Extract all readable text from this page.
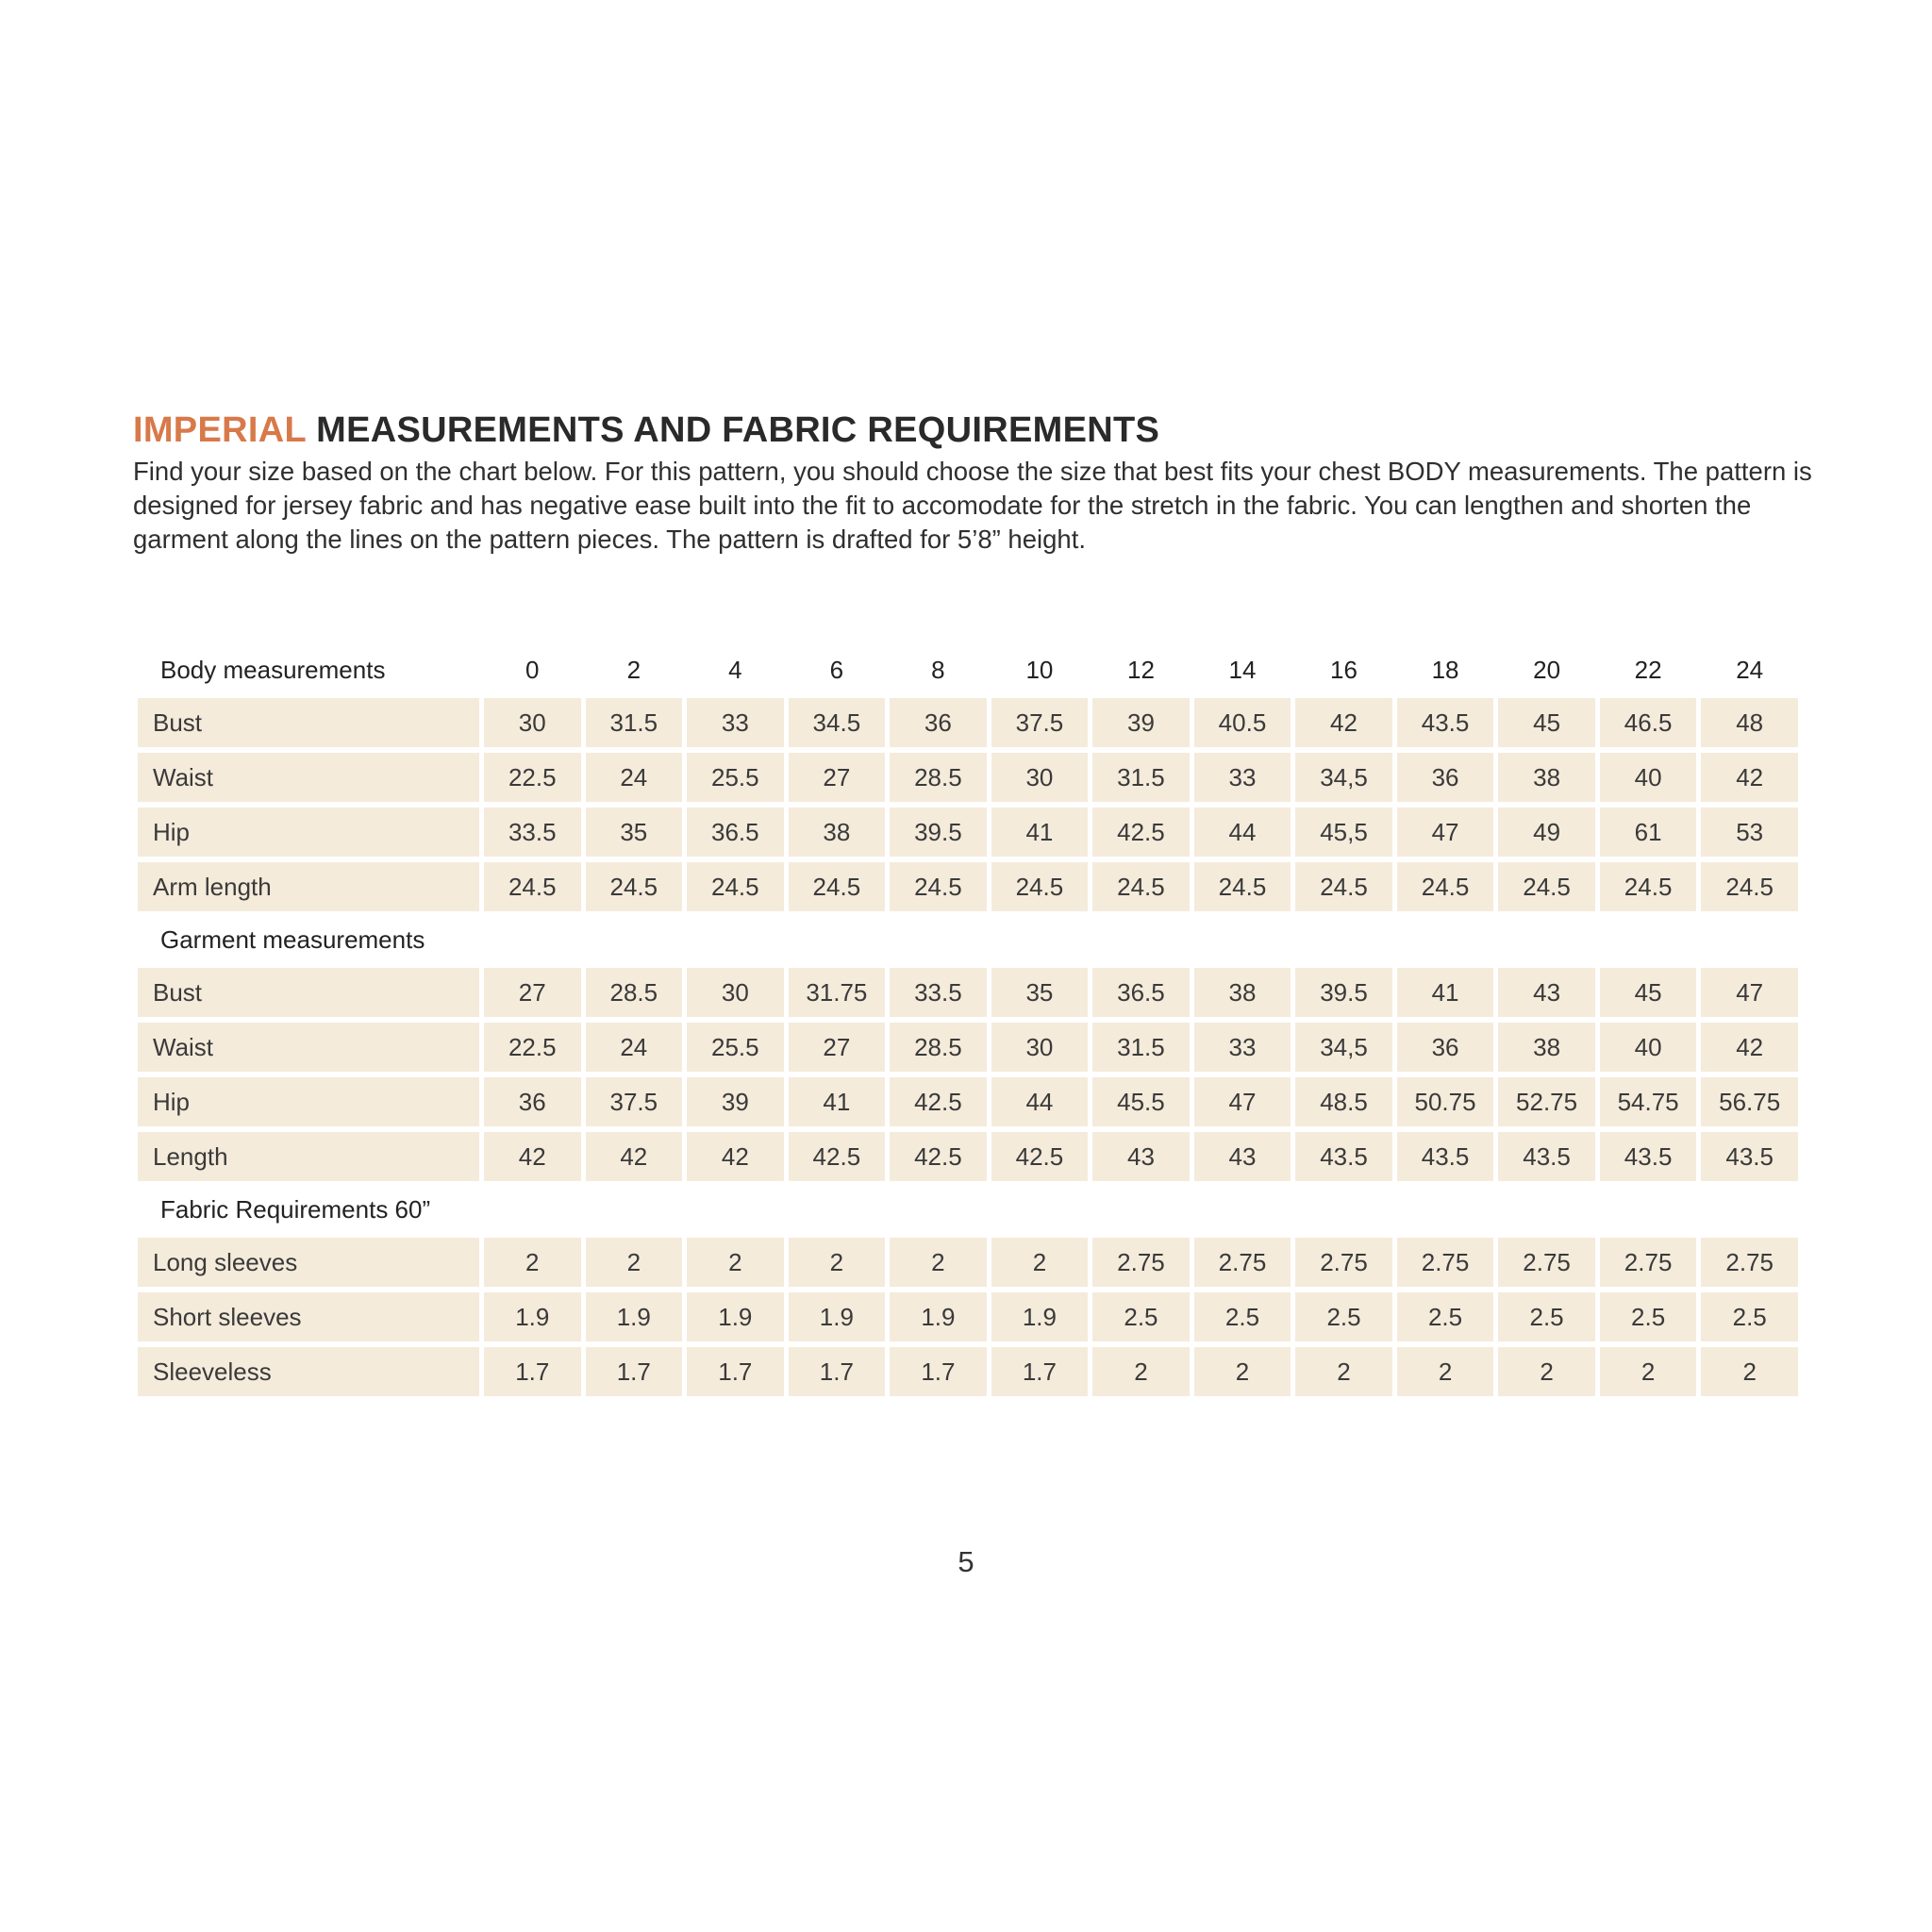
IMPERIAL MEASUREMENTS AND FABRIC REQUIREMENTS
Find your size based on the chart below. For this pattern, you should choose the size that best fits your chest BODY measurements. The pattern is designed for jersey fabric and has negative ease built into the fit to accomodate for the stretch in the fabric. You can lengthen and shorten the garment along the lines on the pattern pieces. The pattern is drafted for 5’8” height.
Body measurements	0	2	4	6	8	10	12	14	16	18	20	22	24
Bust	30	31.5	33	34.5	36	37.5	39	40.5	42	43.5	45	46.5	48
Waist	22.5	24	25.5	27	28.5	30	31.5	33	34,5	36	38	40	42
Hip	33.5	35	36.5	38	39.5	41	42.5	44	45,5	47	49	61	53
Arm length	24.5	24.5	24.5	24.5	24.5	24.5	24.5	24.5	24.5	24.5	24.5	24.5	24.5
Garment measurements													
Bust	27	28.5	30	31.75	33.5	35	36.5	38	39.5	41	43	45	47
Waist	22.5	24	25.5	27	28.5	30	31.5	33	34,5	36	38	40	42
Hip	36	37.5	39	41	42.5	44	45.5	47	48.5	50.75	52.75	54.75	56.75
Length	42	42	42	42.5	42.5	42.5	43	43	43.5	43.5	43.5	43.5	43.5
Fabric Requirements 60”													
Long sleeves	2	2	2	2	2	2	2.75	2.75	2.75	2.75	2.75	2.75	2.75
Short sleeves	1.9	1.9	1.9	1.9	1.9	1.9	2.5	2.5	2.5	2.5	2.5	2.5	2.5
Sleeveless	1.7	1.7	1.7	1.7	1.7	1.7	2	2	2	2	2	2	2
5
